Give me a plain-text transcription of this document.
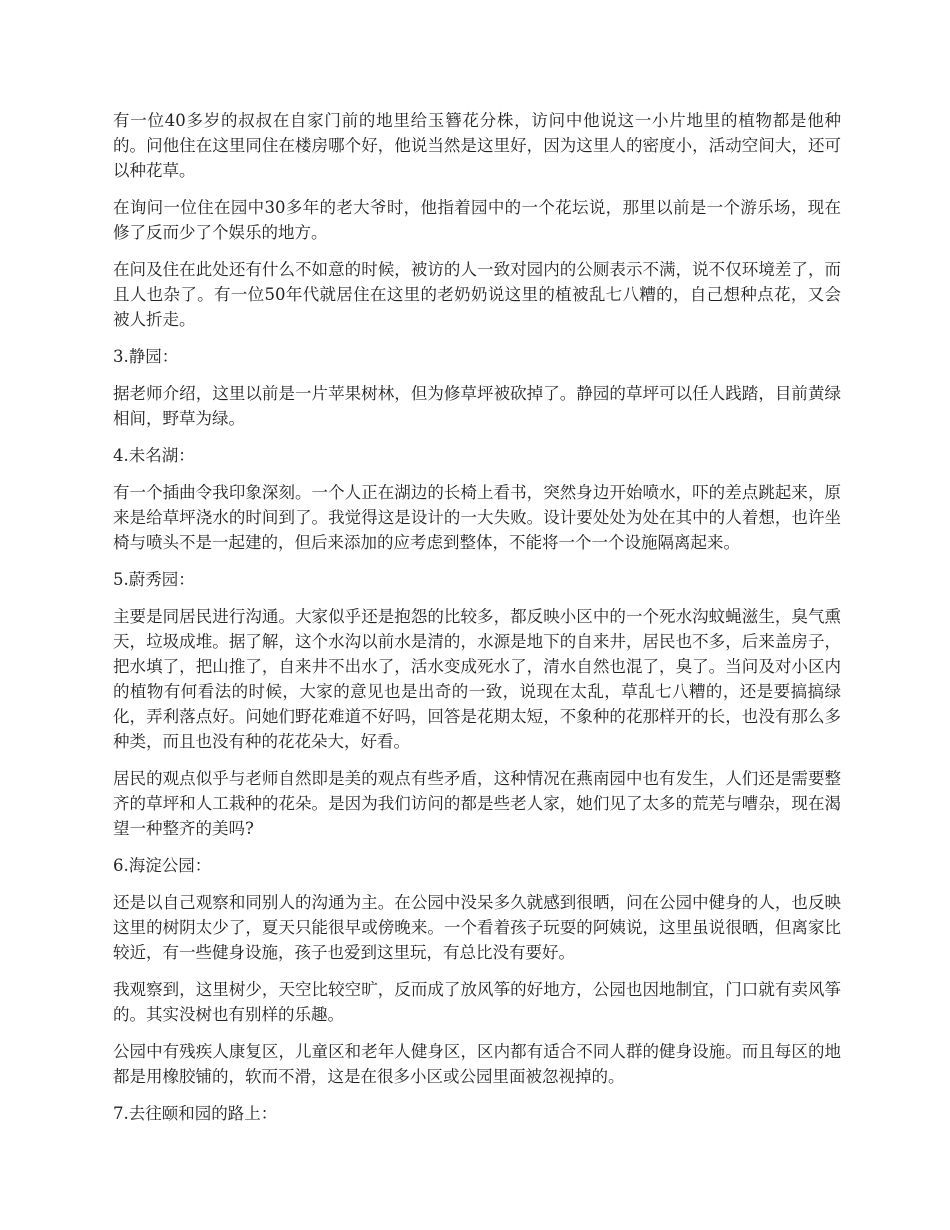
有一位40多岁的叔叔在自家门前的地里给玉簪花分株，访问中他说这一小片地里的植物都是他种的。问他住在这里同住在楼房哪个好，他说当然是这里好，因为这里人的密度小，活动空间大，还可以种花草。

在询问一位住在园中30多年的老大爷时，他指着园中的一个花坛说，那里以前是一个游乐场，现在修了反而少了个娱乐的地方。

在问及住在此处还有什么不如意的时候，被访的人一致对园内的公厕表示不满，说不仅环境差了，而且人也杂了。有一位50年代就居住在这里的老奶奶说这里的植被乱七八糟的，自己想种点花，又会被人折走。

3.静园：

据老师介绍，这里以前是一片苹果树林，但为修草坪被砍掉了。静园的草坪可以任人践踏，目前黄绿相间，野草为绿。

4.未名湖：

有一个插曲令我印象深刻。一个人正在湖边的长椅上看书，突然身边开始喷水，吓的差点跳起来，原来是给草坪浇水的时间到了。我觉得这是设计的一大失败。设计要处处为处在其中的人着想，也许坐椅与喷头不是一起建的，但后来添加的应考虑到整体，不能将一个一个设施隔离起来。

5.蔚秀园：

主要是同居民进行沟通。大家似乎还是抱怨的比较多，都反映小区中的一个死水沟蚊蝇滋生，臭气熏天，垃圾成堆。据了解，这个水沟以前水是清的，水源是地下的自来井，居民也不多，后来盖房子，把水填了，把山推了，自来井不出水了，活水变成死水了，清水自然也混了，臭了。当问及对小区内的植物有何看法的时候，大家的意见也是出奇的一致，说现在太乱，草乱七八糟的，还是要搞搞绿化，弄利落点好。问她们野花难道不好吗，回答是花期太短，不象种的花那样开的长，也没有那么多种类，而且也没有种的花花朵大，好看。

居民的观点似乎与老师自然即是美的观点有些矛盾，这种情况在燕南园中也有发生，人们还是需要整齐的草坪和人工栽种的花朵。是因为我们访问的都是些老人家，她们见了太多的荒芜与嘈杂，现在渴望一种整齐的美吗?

6.海淀公园：

还是以自己观察和同别人的沟通为主。在公园中没呆多久就感到很晒，问在公园中健身的人，也反映这里的树阴太少了，夏天只能很早或傍晚来。一个看着孩子玩耍的阿姨说，这里虽说很晒，但离家比较近，有一些健身设施，孩子也爱到这里玩，有总比没有要好。

我观察到，这里树少，天空比较空旷，反而成了放风筝的好地方，公园也因地制宜，门口就有卖风筝的。其实没树也有别样的乐趣。

公园中有残疾人康复区，儿童区和老年人健身区，区内都有适合不同人群的健身设施。而且每区的地都是用橡胶铺的，软而不滑，这是在很多小区或公园里面被忽视掉的。

7.去往颐和园的路上：
